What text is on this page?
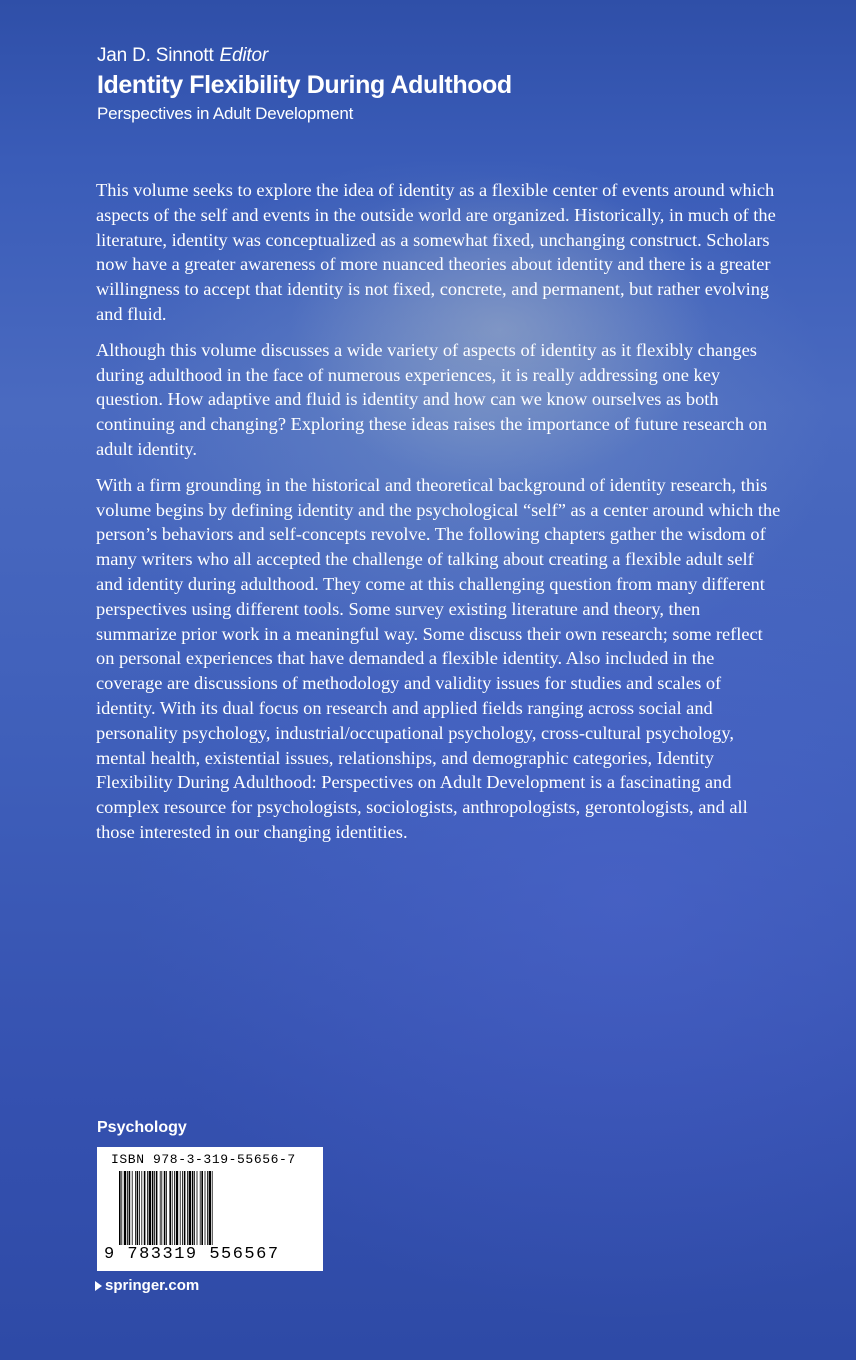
Jan D. Sinnott Editor
Identity Flexibility During Adulthood
Perspectives in Adult Development

This volume seeks to explore the idea of identity as a flexible center of events around which aspects of the self and events in the outside world are organized. Historically, in much of the literature, identity was conceptualized as a somewhat fixed, unchanging construct. Scholars now have a greater awareness of more nuanced theories about identity and there is a greater willingness to accept that identity is not fixed, concrete, and permanent, but rather evolving and fluid.

Although this volume discusses a wide variety of aspects of identity as it flexibly changes during adulthood in the face of numerous experiences, it is really addressing one key question. How adaptive and fluid is identity and how can we know ourselves as both continuing and changing? Exploring these ideas raises the importance of future research on adult identity.

With a firm grounding in the historical and theoretical background of identity research, this volume begins by defining identity and the psychological “self” as a center around which the person’s behaviors and self-concepts revolve. The following chapters gather the wisdom of many writers who all accepted the challenge of talking about creating a flexible adult self and identity during adulthood. They come at this challenging question from many different perspectives using different tools. Some survey existing literature and theory, then summarize prior work in a meaningful way. Some discuss their own research; some reflect on personal experiences that have demanded a flexible identity. Also included in the coverage are discussions of methodology and validity issues for studies and scales of identity. With its dual focus on research and applied fields ranging across social and personality psychology, industrial/occupational psychology, cross-cultural psychology, mental health, existential issues, relationships, and demographic categories, Identity Flexibility During Adulthood: Perspectives on Adult Development is a fascinating and complex resource for psychologists, sociologists, anthropologists, gerontologists, and all those interested in our changing identities.

Psychology
ISBN 978-3-319-55656-7
9 783319 556567
springer.com
